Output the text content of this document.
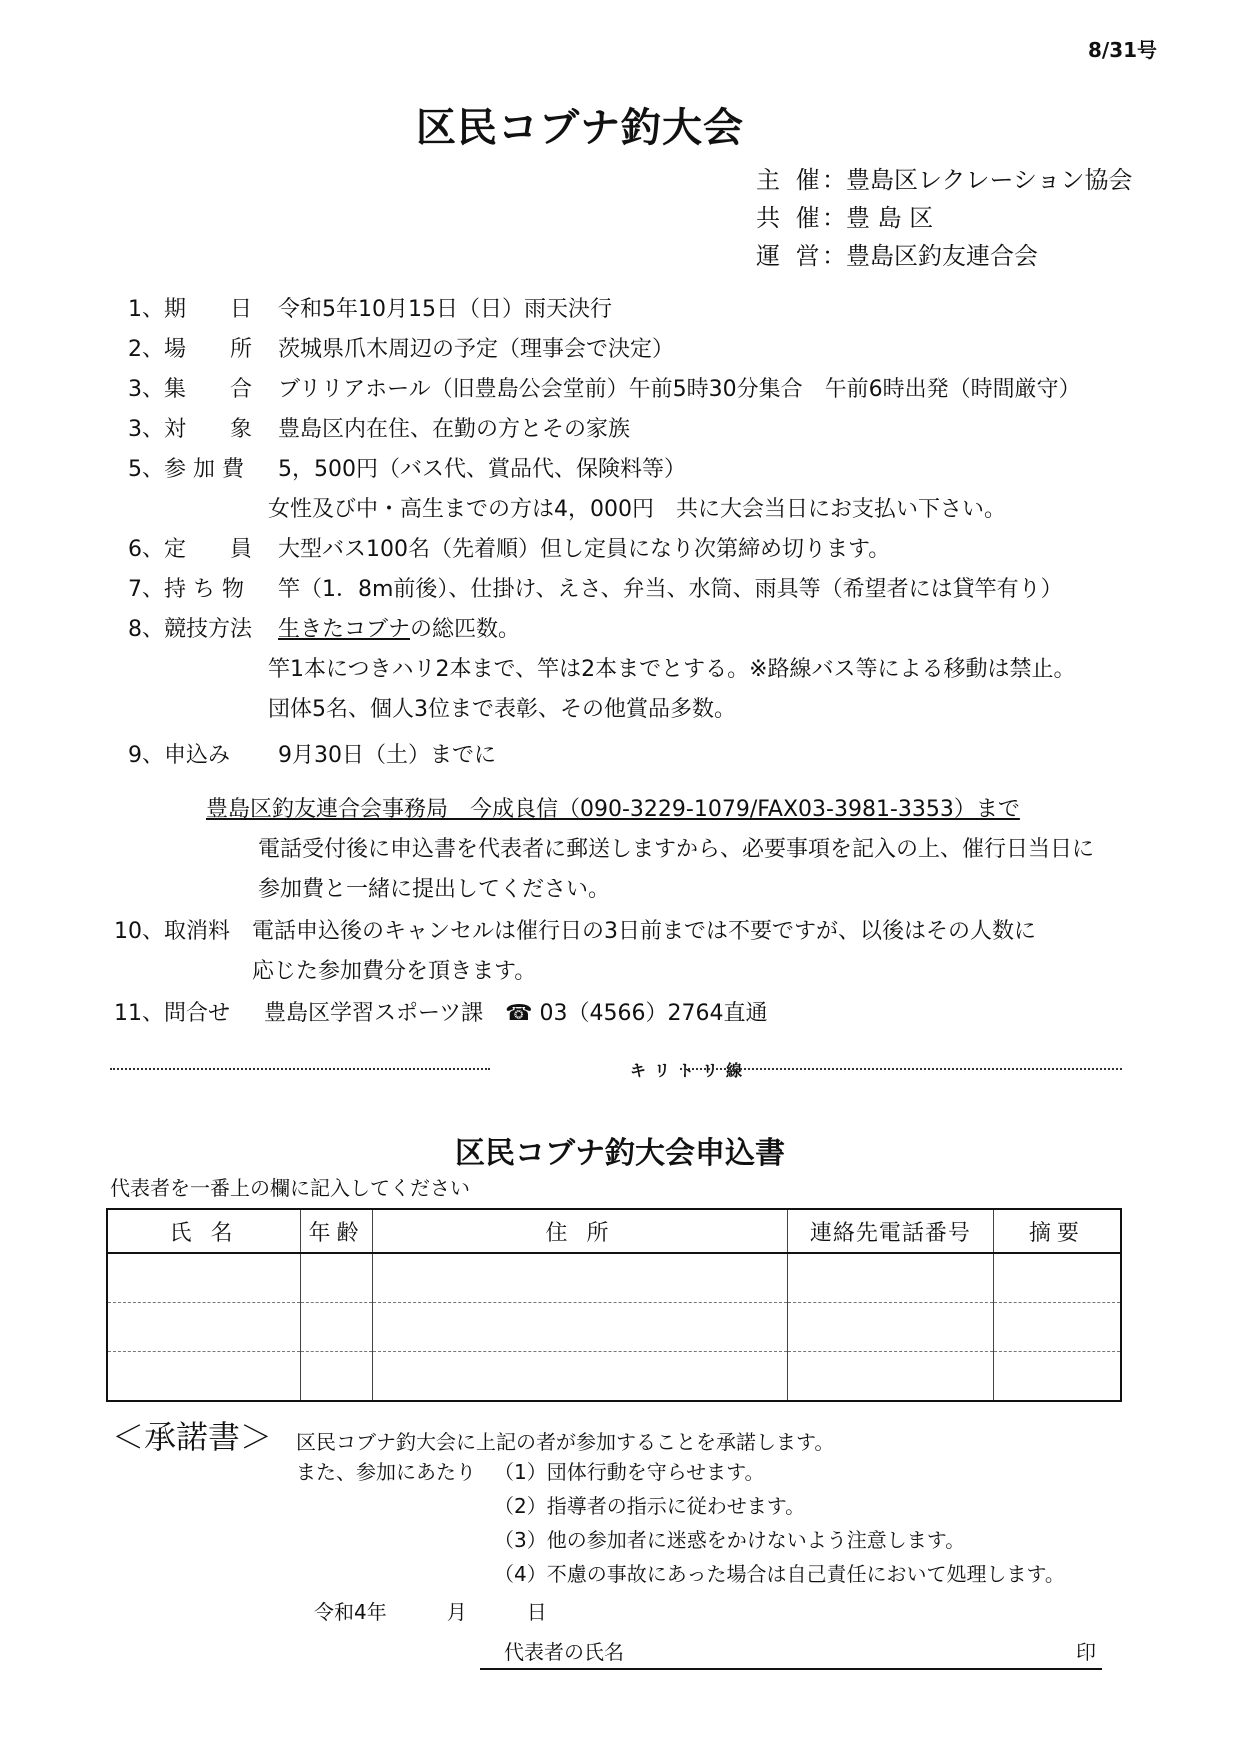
8/31号
区民コブナ釣大会
主 催：豊島区レクレーション協会
共 催：豊 島 区
運 営：豊島区釣友連合会
1、期　　日 令和5年10月15日（日）雨天決行
2、場　　所 茨城県爪木周辺の予定（理事会で決定）
3、集　　合 ブリリアホール（旧豊島公会堂前）午前5時30分集合　午前6時出発（時間厳守）
3、対　　象 豊島区内在住、在勤の方とその家族
5、参 加 費 5，500円（バス代、賞品代、保険料等）
女性及び中・高生までの方は4，000円　共に大会当日にお支払い下さい。
6、定　　員 大型バス100名（先着順）但し定員になり次第締め切ります。
7、持 ち 物 竿（1．8m前後）、仕掛け、えさ、弁当、水筒、雨具等（希望者には貸竿有り）
8、競技方法 生きたコブナの総匹数。
竿1本につきハリ2本まで、竿は2本までとする。※路線バス等による移動は禁止。
団体5名、個人3位まで表彰、その他賞品多数。
9、申込み 9月30日（土）までに
豊島区釣友連合会事務局　今成良信（090-3229-1079/FAX03-3981-3353）まで
電話受付後に申込書を代表者に郵送しますから、必要事項を記入の上、催行日当日に
参加費と一緒に提出してください。
10、取消料 電話申込後のキャンセルは催行日の3日前までは不要ですが、以後はその人数に
応じた参加費分を頂きます。
11、問合せ 豊島区学習スポーツ課　☎ 03（4566）2764直通
キリトリ線
区民コブナ釣大会申込書
代表者を一番上の欄に記入してください
氏 名	年齢	住 所	連絡先電話番号	摘要

＜承諾書＞ 区民コブナ釣大会に上記の者が参加することを承諾します。
また、参加にあたり （1）団体行動を守らせます。
（2）指導者の指示に従わせます。
（3）他の参加者に迷惑をかけないよう注意します。
（4）不慮の事故にあった場合は自己責任において処理します。
令和4年　　　月　　　日
代表者の氏名	印
